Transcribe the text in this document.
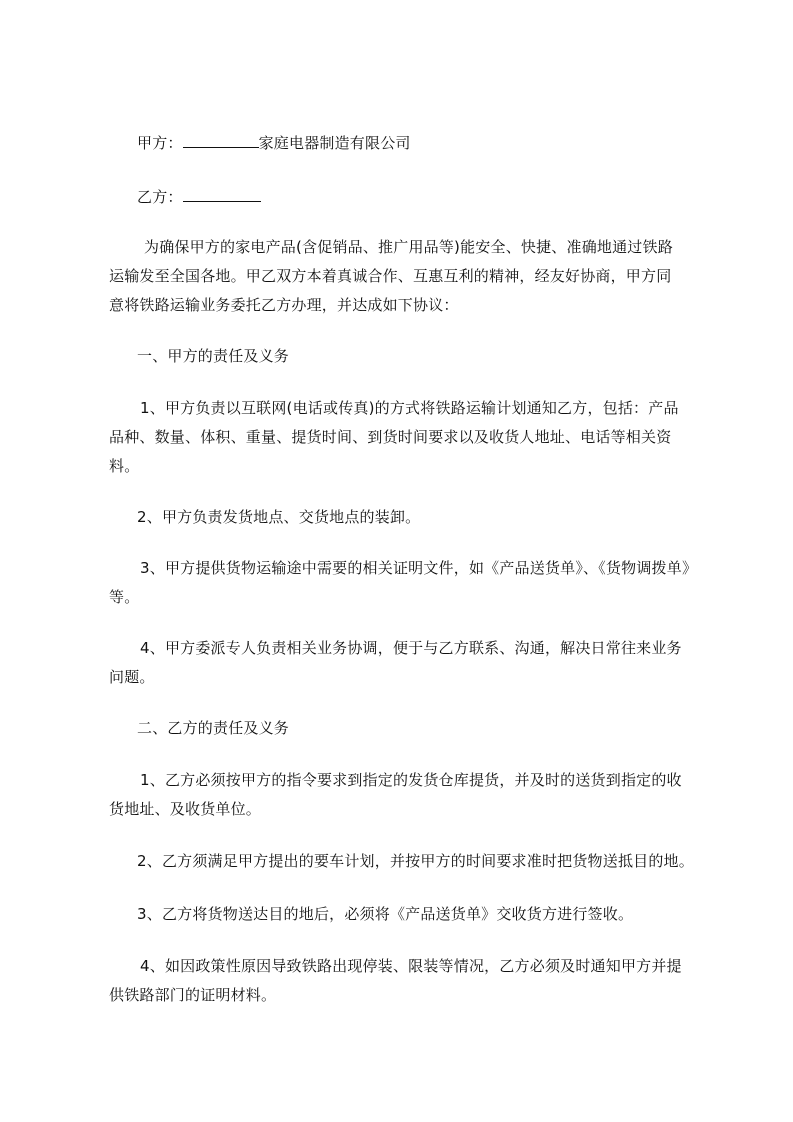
甲方：	家庭电器制造有限公司
乙方：
为确保甲方的家电产品(含促销品、推广用品等)能安全、快捷、准确地通过铁路
运输发至全国各地。甲乙双方本着真诚合作、互惠互利的精神，经友好协商，甲方同
意将铁路运输业务委托乙方办理，并达成如下协议：
一、甲方的责任及义务
1、甲方负责以互联网(电话或传真)的方式将铁路运输计划通知乙方，包括：产品
品种、数量、体积、重量、提货时间、到货时间要求以及收货人地址、电话等相关资
料。
2、甲方负责发货地点、交货地点的装卸。
3、甲方提供货物运输途中需要的相关证明文件，如《产品送货单》、《货物调拨单》
等。
4、甲方委派专人负责相关业务协调，便于与乙方联系、沟通，解决日常往来业务
问题。
二、乙方的责任及义务
1、乙方必须按甲方的指令要求到指定的发货仓库提货，并及时的送货到指定的收
货地址、及收货单位。
2、乙方须满足甲方提出的要车计划，并按甲方的时间要求准时把货物送抵目的地。
3、乙方将货物送达目的地后，必须将《产品送货单》交收货方进行签收。
4、如因政策性原因导致铁路出现停装、限装等情况，乙方必须及时通知甲方并提
供铁路部门的证明材料。
